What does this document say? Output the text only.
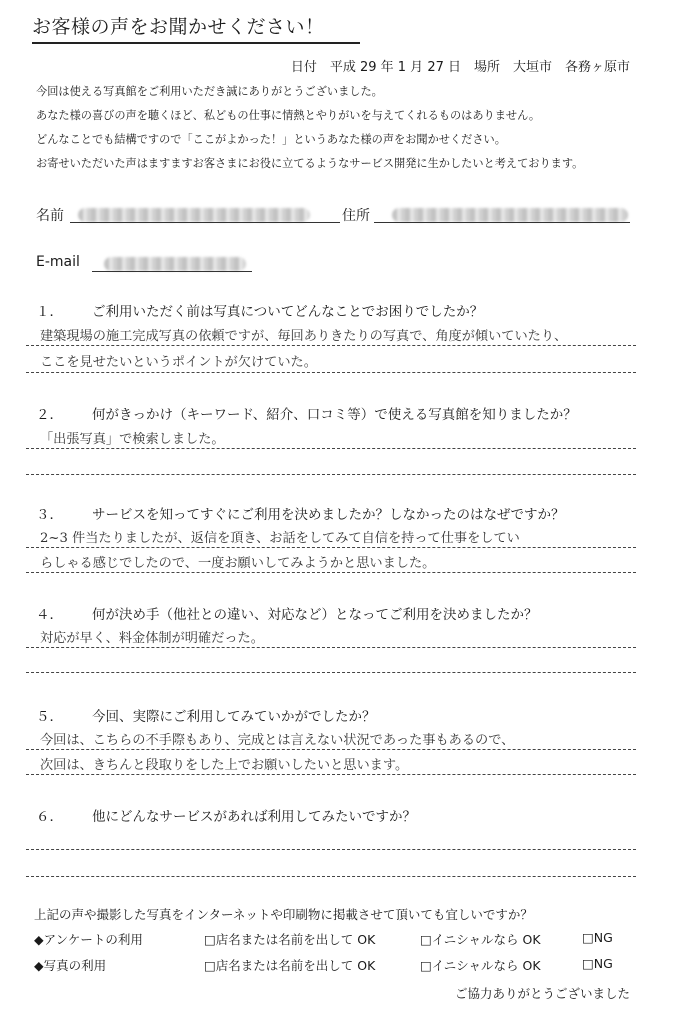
お客様の声をお聞かせください！
日付　平成 29 年 1 月 27 日　場所　大垣市　各務ヶ原市
今回は使える写真館をご利用いただき誠にありがとうございました。
あなた様の喜びの声を聴くほど、私どもの仕事に情熱とやりがいを与えてくれるものはありません。
どんなことでも結構ですので「ここがよかった！」というあなた様の声をお聞かせください。
お寄せいただいた声はますますお客さまにお役に立てるようなサービス開発に生かしたいと考えております。
名前	住所
E-mail
１． ご利用いただく前は写真についてどんなことでお困りでしたか？
建築現場の施工完成写真の依頼ですが、毎回ありきたりの写真で、角度が傾いていたり、
ここを見せたいというポイントが欠けていた。
２． 何がきっかけ（キーワード、紹介、口コミ等）で使える写真館を知りましたか？
「出張写真」で検索しました。
３． サービスを知ってすぐにご利用を決めましたか？しなかったのはなぜですか？
2~3 件当たりましたが、返信を頂き、お話をしてみて自信を持って仕事をしてい
らしゃる感じでしたので、一度お願いしてみようかと思いました。
４． 何が決め手（他社との違い、対応など）となってご利用を決めましたか？
対応が早く、料金体制が明確だった。
５． 今回、実際にご利用してみていかがでしたか？
今回は、こちらの不手際もあり、完成とは言えない状況であった事もあるので、
次回は、きちんと段取りをした上でお願いしたいと思います。
６． 他にどんなサービスがあれば利用してみたいですか？
上記の声や撮影した写真をインターネットや印刷物に掲載させて頂いても宜しいですか？
◆アンケートの利用	□店名または名前を出して OK	□イニシャルなら OK	□NG
◆写真の利用	□店名または名前を出して OK	□イニシャルなら OK	□NG
ご協力ありがとうございました
